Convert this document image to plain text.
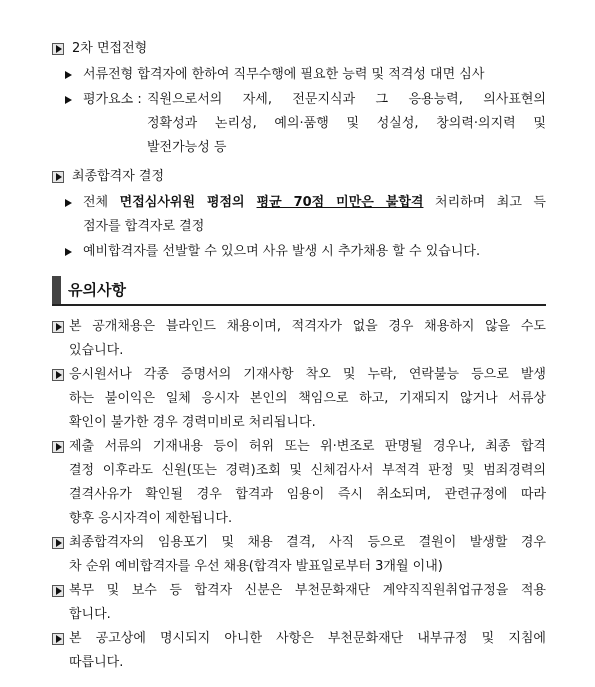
2차 면접전형
서류전형 합격자에 한하여 직무수행에 필요한 능력 및 적격성 대면 심사
평가요소 : 직원으로서의 자세, 전문지식과 그 응용능력, 의사표현의
정확성과 논리성, 예의·품행 및 성실성, 창의력·의지력 및
발전가능성 등
최종합격자 결정
전체 면접심사위원 평점의 평균 70점 미만은 불합격 처리하며 최고 득
점자를 합격자로 결정
예비합격자를 선발할 수 있으며 사유 발생 시 추가채용 할 수 있습니다.
유의사항
본 공개채용은 블라인드 채용이며, 적격자가 없을 경우 채용하지 않을 수도
있습니다.
응시원서나 각종 증명서의 기재사항 착오 및 누락, 연락불능 등으로 발생
하는 불이익은 일체 응시자 본인의 책임으로 하고, 기재되지 않거나 서류상
확인이 불가한 경우 경력미비로 처리됩니다.
제출 서류의 기재내용 등이 허위 또는 위·변조로 판명될 경우나, 최종 합격
결정 이후라도 신원(또는 경력)조회 및 신체검사서 부적격 판정 및 범죄경력의
결격사유가 확인될 경우 합격과 임용이 즉시 취소되며, 관련규정에 따라
향후 응시자격이 제한됩니다.
최종합격자의 임용포기 및 채용 결격, 사직 등으로 결원이 발생할 경우
차 순위 예비합격자를 우선 채용(합격자 발표일로부터 3개월 이내)
복무 및 보수 등 합격자 신분은 부천문화재단 계약직직원취업규정을 적용
합니다.
본 공고상에 명시되지 아니한 사항은 부천문화재단 내부규정 및 지침에
따릅니다.
